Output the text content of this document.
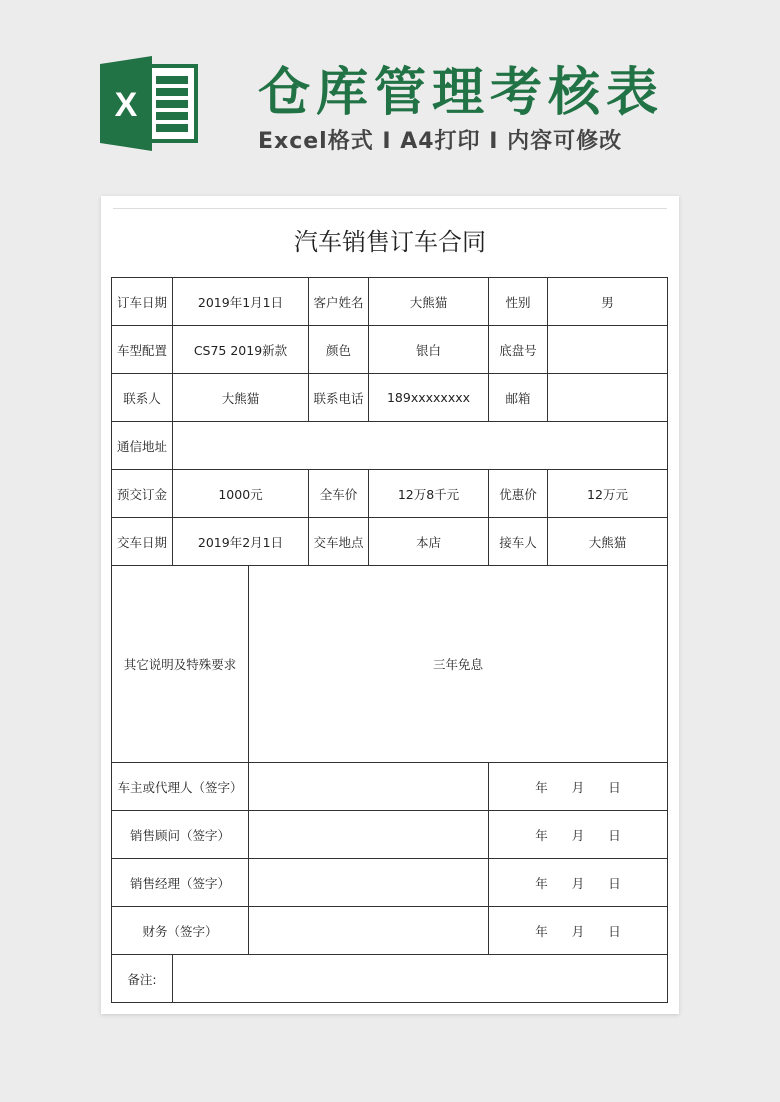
X 仓库管理考核表
Excel格式 I A4打印 I 内容可修改
汽车销售订车合同
订车日期	2019年1月1日		客户姓名	大熊猫	性别	男
车型配置	CS75 2019新款		颜色	银白	底盘号	
联系人	大熊猫		联系电话	189xxxxxxxx	邮箱	
通信地址						
预交订金	1000元		全车价	12万8千元	优惠价	12万元
交车日期	2019年2月1日		交车地点	本店	接车人	大熊猫
其它说明及特殊要求		三年免息				
车主或代理人（签字）					年 月 日	
销售顾问（签字）					年 月 日	
销售经理（签字）					年 月 日	
财务（签字）					年 月 日	
备注:						
